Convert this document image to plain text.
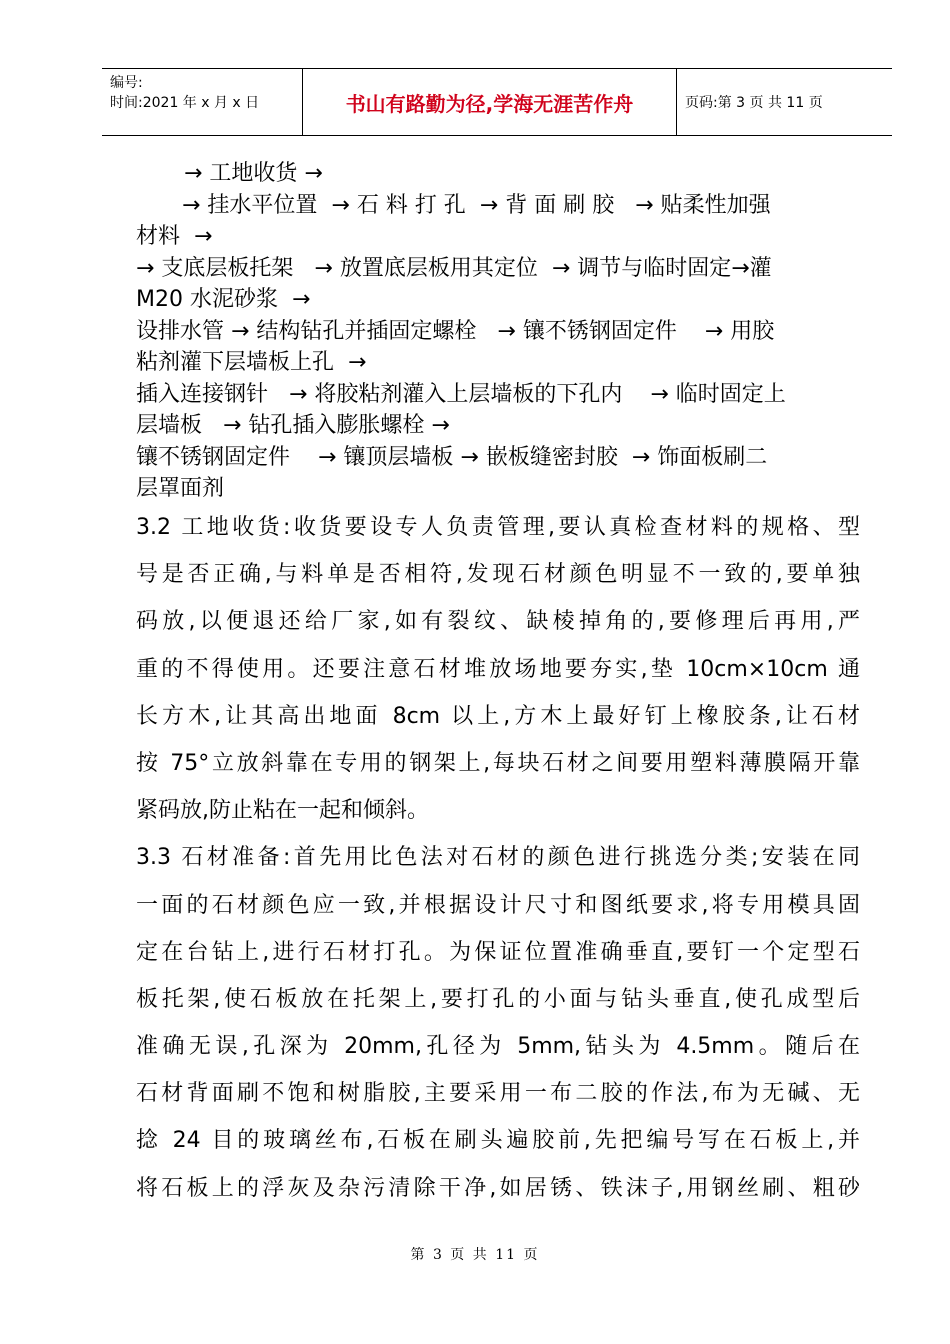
编号:
时间:2021 年 x 月 x 日	书山有路勤为径,学海无涯苦作舟	页码:第 3 页 共 11 页
→ 工地收货 →
→ 挂水平位置  → 石 料 打 孔  → 背 面 刷 胶   → 贴柔性加强
材料  →
→ 支底层板托架   → 放置底层板用其定位  → 调节与临时固定→灌
M20 水泥砂浆  →
设排水管 → 结构钻孔并插固定螺栓   → 镶不锈钢固定件    → 用胶
粘剂灌下层墙板上孔  →
插入连接钢针   → 将胶粘剂灌入上层墙板的下孔内    → 临时固定上
层墙板   → 钻孔插入膨胀螺栓 →
镶不锈钢固定件    → 镶顶层墙板 → 嵌板缝密封胶  → 饰面板刷二
层罩面剂
3.2 工地收货:收货要设专人负责管理,要认真检查材料的规格、型
号是否正确,与料单是否相符,发现石材颜色明显不一致的,要单独
码放,以便退还给厂家,如有裂纹、缺棱掉角的,要修理后再用,严
重的不得使用。还要注意石材堆放场地要夯实,垫 10cm×10cm 通
长方木,让其高出地面 8cm 以上,方木上最好钉上橡胶条,让石材
按 75°立放斜靠在专用的钢架上,每块石材之间要用塑料薄膜隔开靠
紧码放,防止粘在一起和倾斜。
3.3 石材准备:首先用比色法对石材的颜色进行挑选分类;安装在同
一面的石材颜色应一致,并根据设计尺寸和图纸要求,将专用模具固
定在台钻上,进行石材打孔。为保证位置准确垂直,要钉一个定型石
板托架,使石板放在托架上,要打孔的小面与钻头垂直,使孔成型后
准确无误,孔深为 20mm,孔径为 5mm,钻头为 4.5mm。随后在
石材背面刷不饱和树脂胶,主要采用一布二胶的作法,布为无碱、无
捻 24 目的玻璃丝布,石板在刷头遍胶前,先把编号写在石板上,并
将石板上的浮灰及杂污清除干净,如居锈、铁沫子,用钢丝刷、粗砂
第 3 页 共 11 页
